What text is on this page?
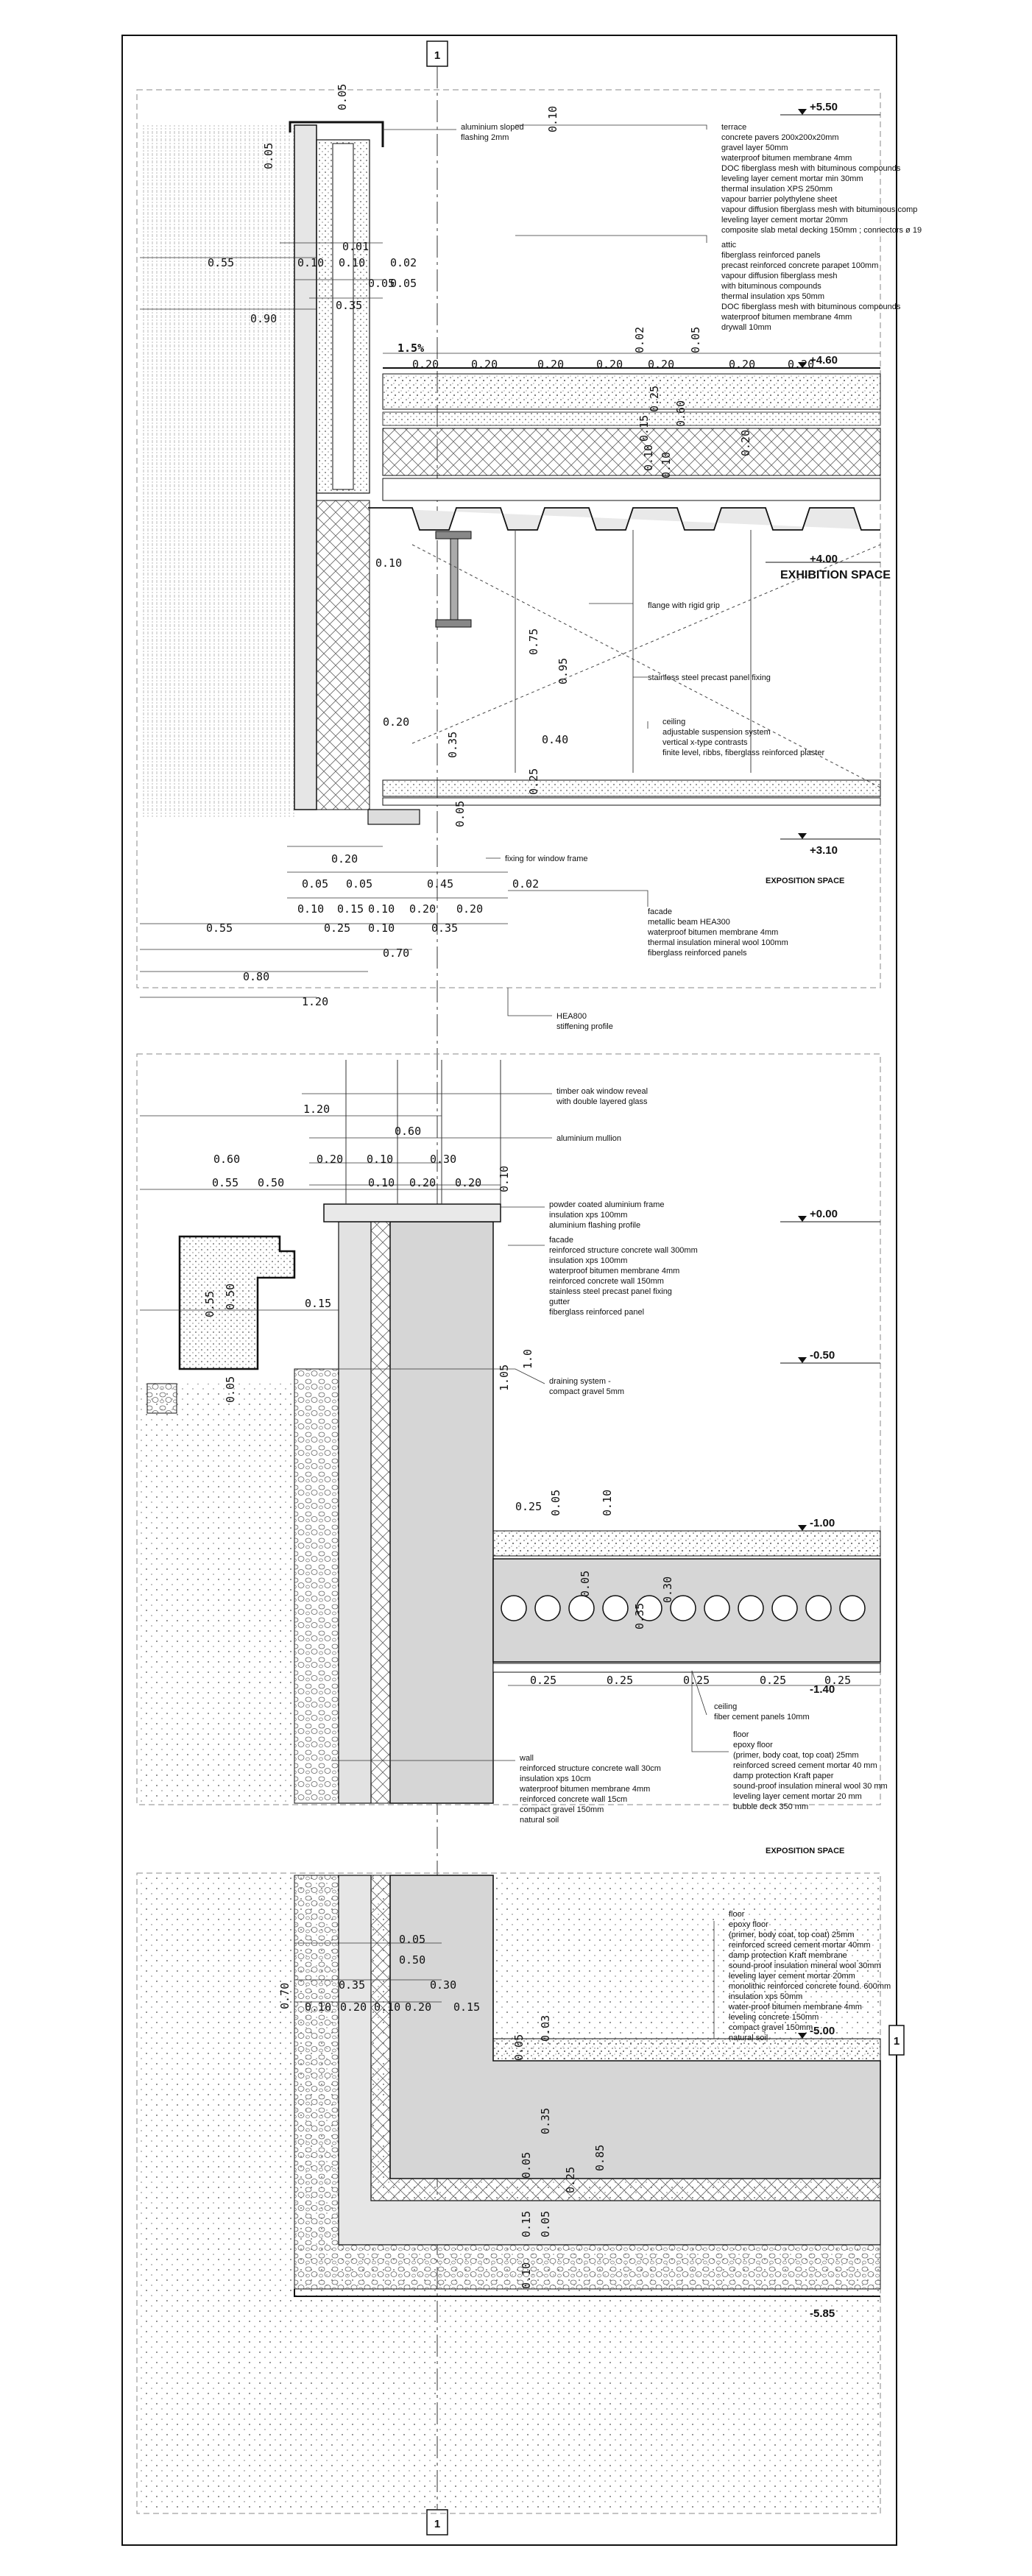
1
1
1
+5.50
+4.60
+4.00
EXHIBITION SPACE
+3.10
EXPOSITION SPACE
0.05
0.10
0.05
0.55
0.90
0.10 0.10 0.02
0.05
0.05
0.01
0.35
1.5%
0.20	0.20	0.20	0.20 0.20	0.20	0.20
0.02	0.05
0.25
0.20
0.10 0.10
0.15
0.60
0.10
0.75
0.95
0.20
0.40
0.35
0.25
0.05
0.20
0.05 0.05	0.45	0.02
0.10 0.15 0.10 0.20 0.20
0.55	0.25 0.10	0.35
0.70
0.80
1.20
aluminium sloped
flashing 2mm
terrace
concrete pavers 200x200x20mm
gravel layer 50mm
waterproof bitumen membrane 4mm
DOC fiberglass mesh with bituminous compounds
leveling layer cement mortar min 30mm
thermal insulation XPS 250mm
vapour barrier polythylene sheet
vapour diffusion fiberglass mesh with bituminous comp
leveling layer cement mortar 20mm
composite slab metal decking 150mm ; connectors ø 19
attic
fiberglass reinforced panels
precast reinforced concrete parapet 100mm
vapour diffusion fiberglass mesh
with bituminous compounds
thermal insulation xps 50mm
DOC fiberglass mesh with bituminous compounds
waterproof bitumen membrane 4mm
drywall 10mm
flange with rigid grip
stainless steel precast panel fixing
ceiling
adjustable suspension system
vertical x-type contrasts
finite level, ribbs, fiberglass reinforced plaster
fixing for window frame
facade
metallic beam HEA300
waterproof bitumen membrane 4mm
thermal insulation mineral wool 100mm
fiberglass reinforced panels
HEA800
stiffening profile
+0.00
-0.50
-1.00
-1.40
EXPOSITION SPACE
1.20
0.60
0.60	0.20 0.10	0.30
0.55 0.50	0.10 0.20 0.20 0.10
0.55 0.50	0.15
0.05	1.05
1.0
0.25 0.05	0.10
0.05
0.35
0.30
0.25	0.25	0.25	0.25	0.25
timber oak window reveal
with double layered glass
aluminium mullion
powder coated aluminium frame
insulation xps 100mm
aluminium flashing profile
facade
reinforced structure concrete wall 300mm
insulation xps 100mm
waterproof bitumen membrane 4mm
reinforced concrete wall 150mm
stainless steel precast panel fixing
gutter
fiberglass reinforced panel
draining system -
compact gravel 5mm
ceiling
fiber cement panels 10mm
floor
epoxy floor
(primer, body coat, top coat) 25mm
reinforced screed cement mortar 40 mm
damp protection Kraft paper
sound-proof insulation mineral wool 30 mm
leveling layer cement mortar 20 mm
bubble deck 350 mm
wall
reinforced structure concrete wall 30cm
insulation xps 10cm
waterproof bitumen membrane 4mm
reinforced concrete wall 15cm
compact gravel 150mm
natural soil
-5.00
-5.85
0.05
0.35
0.50
0.30
0.20 0.15
0.10	0.10
0.20
0.70
0.05
0.03
0.35
0.05
0.25
0.85
0.15 0.05
0.10
floor
epoxy floor
(primer, body coat, top coat) 25mm
reinforced screed cement mortar 40mm
damp protection Kraft membrane
sound-proof insulation mineral wool 30mm
leveling layer cement mortar 20mm
monolithic reinforced concrete found. 600mm
insulation xps 50mm
water-proof bitumen membrane 4mm
leveling concrete 150mm
compact gravel 150mm
natural soil
